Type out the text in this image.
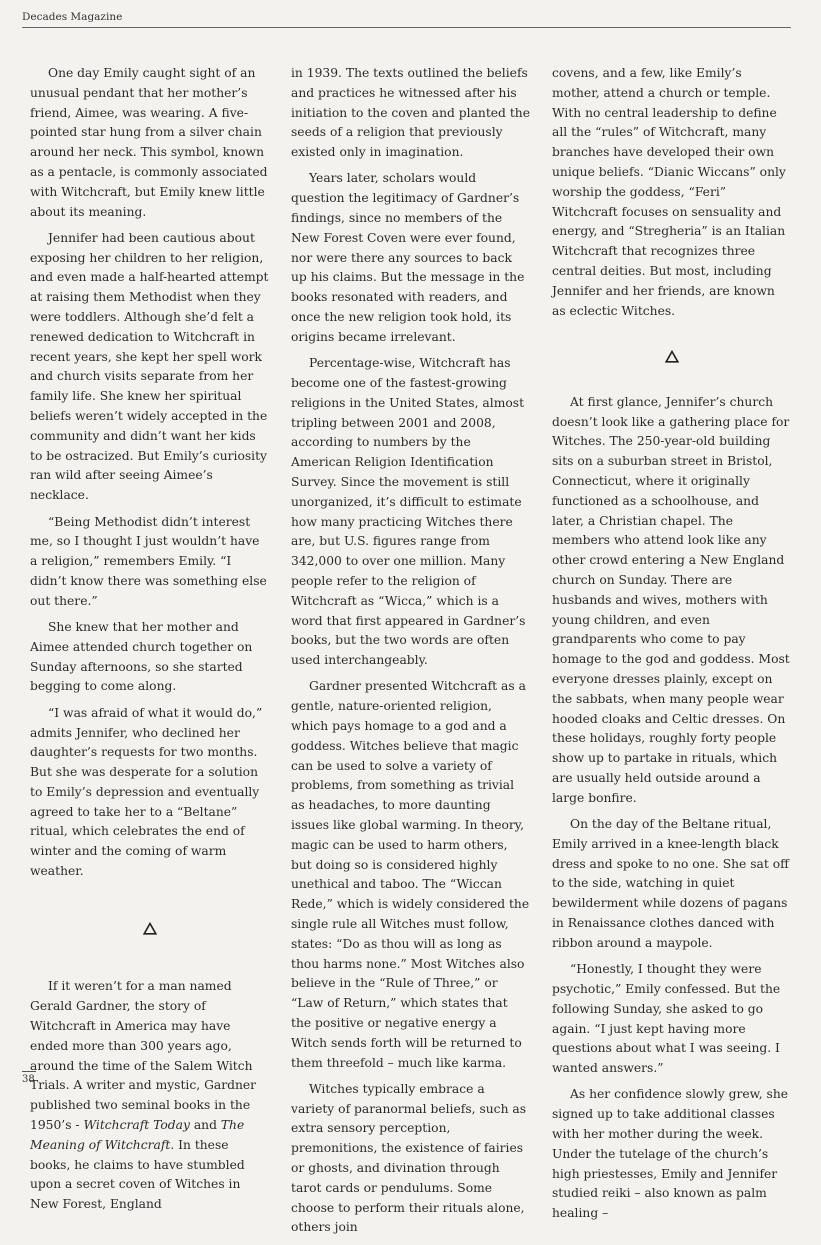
Decades Magazine

One day Emily caught sight of an unusual pendant that her mother’s friend, Aimee, was wearing. A five-pointed star hung from a silver chain around her neck. This symbol, known as a pentacle, is commonly associated with Witchcraft, but Emily knew little about its meaning.

Jennifer had been cautious about exposing her children to her religion, and even made a half-hearted attempt at raising them Methodist when they were toddlers. Although she’d felt a renewed dedication to Witchcraft in recent years, she kept her spell work and church visits separate from her family life. She knew her spiritual beliefs weren’t widely accepted in the community and didn’t want her kids to be ostracized. But Emily’s curiosity ran wild after seeing Aimee’s necklace.

“Being Methodist didn’t interest me, so I thought I just wouldn’t have a religion,” remembers Emily. “I didn’t know there was something else out there.”

She knew that her mother and Aimee attended church together on Sunday afternoons, so she started begging to come along.

“I was afraid of what it would do,” admits Jennifer, who declined her daughter’s requests for two months. But she was desperate for a solution to Emily’s depression and eventually agreed to take her to a “Beltane” ritual, which celebrates the end of winter and the coming of warm weather.

If it weren’t for a man named Gerald Gardner, the story of Witchcraft in America may have ended more than 300 years ago, around the time of the Salem Witch Trials. A writer and mystic, Gardner published two seminal books in the 1950’s - Witchcraft Today and The Meaning of Witchcraft. In these books, he claims to have stumbled upon a secret coven of Witches in New Forest, England

in 1939. The texts outlined the beliefs and practices he witnessed after his initiation to the coven and planted the seeds of a religion that previously existed only in imagination.

Years later, scholars would question the legitimacy of Gardner’s findings, since no members of the New Forest Coven were ever found, nor were there any sources to back up his claims. But the message in the books resonated with readers, and once the new religion took hold, its origins became irrelevant.

Percentage-wise, Witchcraft has become one of the fastest-growing religions in the United States, almost tripling between 2001 and 2008, according to numbers by the American Religion Identification Survey. Since the movement is still unorganized, it’s difficult to estimate how many practicing Witches there are, but U.S. figures range from 342,000 to over one million. Many people refer to the religion of Witchcraft as “Wicca,” which is a word that first appeared in Gardner’s books, but the two words are often used interchangeably.

Gardner presented Witchcraft as a gentle, nature-oriented religion, which pays homage to a god and a goddess. Witches believe that magic can be used to solve a variety of problems, from something as trivial as headaches, to more daunting issues like global warming. In theory, magic can be used to harm others, but doing so is considered highly unethical and taboo. The “Wiccan Rede,” which is widely considered the single rule all Witches must follow, states: “Do as thou will as long as thou harms none.” Most Witches also believe in the “Rule of Three,” or “Law of Return,” which states that the positive or negative energy a Witch sends forth will be returned to them threefold – much like karma.

Witches typically embrace a variety of paranormal beliefs, such as extra sensory perception, premonitions, the existence of fairies or ghosts, and divination through tarot cards or pendulums. Some choose to perform their rituals alone, others join

covens, and a few, like Emily’s mother, attend a church or temple. With no central leadership to define all the “rules” of Witchcraft, many branches have developed their own unique beliefs. “Dianic Wiccans” only worship the goddess, “Feri” Witchcraft focuses on sensuality and energy, and “Stregheria” is an Italian Witchcraft that recognizes three central deities. But most, including Jennifer and her friends, are known as eclectic Witches.

At first glance, Jennifer’s church doesn’t look like a gathering place for Witches. The 250-year-old building sits on a suburban street in Bristol, Connecticut, where it originally functioned as a schoolhouse, and later, a Christian chapel. The members who attend look like any other crowd entering a New England church on Sunday. There are husbands and wives, mothers with young children, and even grandparents who come to pay homage to the god and goddess. Most everyone dresses plainly, except on the sabbats, when many people wear hooded cloaks and Celtic dresses. On these holidays, roughly forty people show up to partake in rituals, which are usually held outside around a large bonfire.

On the day of the Beltane ritual, Emily arrived in a knee-length black dress and spoke to no one. She sat off to the side, watching in quiet bewilderment while dozens of pagans in Renaissance clothes danced with ribbon around a maypole.

“Honestly, I thought they were psychotic,” Emily confessed. But the following Sunday, she asked to go again. “I just kept having more questions about what I was seeing. I wanted answers.”

As her confidence slowly grew, she signed up to take additional classes with her mother during the week. Under the tutelage of the church’s high priestesses, Emily and Jennifer studied reiki – also known as palm healing –

38
